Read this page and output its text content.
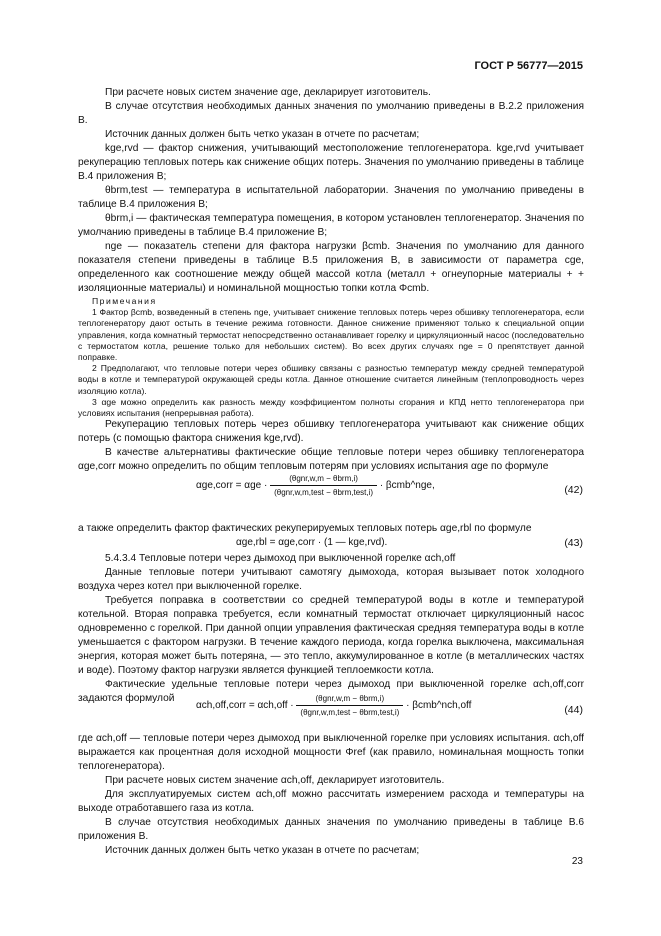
ГОСТ Р 56777—2015

При расчете новых систем значение αge, декларирует изготовитель.

В случае отсутствия необходимых данных значения по умолчанию приведены в В.2.2 приложения В.

Источник данных должен быть четко указан в отчете по расчетам;

kge,rvd — фактор снижения, учитывающий местоположение теплогенератора. kge,rvd учитывает рекуперацию тепловых потерь как снижение общих потерь. Значения по умолчанию приведены в таблице В.4 приложения В;

θbrm,test — температура в испытательной лаборатории. Значения по умолчанию приведены в таблице В.4 приложения В;

θbrm,i — фактическая температура помещения, в котором установлен теплогенератор. Значения по умолчанию приведены в таблице В.4 приложение В;

nge — показатель степени для фактора нагрузки βcmb. Значения по умолчанию для данного показателя степени приведены в таблице В.5 приложения В, в зависимости от параметра cge, определенного как соотношение между общей массой котла (металл + огнеупорные материалы + + изоляционные материалы) и номинальной мощностью топки котла Φcmb.

Примечания

1 Фактор βcmb, возведенный в степень nge, учитывает снижение тепловых потерь через обшивку теплогенератора, если теплогенератору дают остыть в течение режима готовности. Данное снижение применяют только к специальной опции управления, когда комнатный термостат непосредственно останавливает горелку и циркуляционный насос (последовательно с термостатом котла, решение только для небольших систем). Во всех других случаях nge = 0 препятствует данной поправке.

2 Предполагают, что тепловые потери через обшивку связаны с разностью температур между средней температурой воды в котле и температурой окружающей среды котла. Данное отношение считается линейным (теплопроводность через изоляцию котла).

3 αge можно определить как разность между коэффициентом полноты сгорания и КПД нетто теплогенератора при условиях испытания (непрерывная работа).

Рекуперацию тепловых потерь через обшивку теплогенератора учитывают как снижение общих потерь (с помощью фактора снижения kge,rvd).

В качестве альтернативы фактические общие тепловые потери через обшивку теплогенератора αge,corr можно определить по общим тепловым потерям при условиях испытания αge по формуле

αge,corr = $\alpha ge \cdot \frac{\text{(θgnr,w,m − θbrm,i)}}{\text{(θgnr,w,m,test − θbrm,test,i)}}$ · βcmb^nge,	(42)

а также определить фактор фактических рекуперируемых тепловых потерь αge,rbl по формуле

αge,rbl = αge,corr · (1 — kge,rvd).	(43)

5.4.3.4 Тепловые потери через дымоход при выключенной горелке αch,off

Данные тепловые потери учитывают самотягу дымохода, которая вызывает поток холодного воздуха через котел при выключенной горелке.

Требуется поправка в соответствии со средней температурой воды в котле и температурой котельной. Вторая поправка требуется, если комнатный термостат отключает циркуляционный насос одновременно с горелкой. При данной опции управления фактическая средняя температура воды в котле уменьшается с фактором нагрузки. В течение каждого периода, когда горелка выключена, максимальная энергия, которая может быть потеряна, — это тепло, аккумулированное в котле (в металлических частях и воде). Поэтому фактор нагрузки является функцией теплоемкости котла.

Фактические удельные тепловые потери через дымоход при выключенной горелке αch,off,corr задаются формулой

αch,off,corr = $\alpha ch,off \cdot \frac{\text{(θgnr,w,m − θbrm,i)}}{\text{(θgnr,w,m,test − θbrm,test,i)}}$ · βcmb^nch,off	(44)

где αch,off — тепловые потери через дымоход при выключенной горелке при условиях испытания. αch,off выражается как процентная доля исходной мощности Φref (как правило, номинальная мощность топки теплогенератора).

При расчете новых систем значение αch,off, декларирует изготовитель.

Для эксплуатируемых систем αch,off можно рассчитать измерением расхода и температуры на выходе отработавшего газа из котла.

В случае отсутствия необходимых данных значения по умолчанию приведены в таблице В.6 приложения В.

Источник данных должен быть четко указан в отчете по расчетам;

23
